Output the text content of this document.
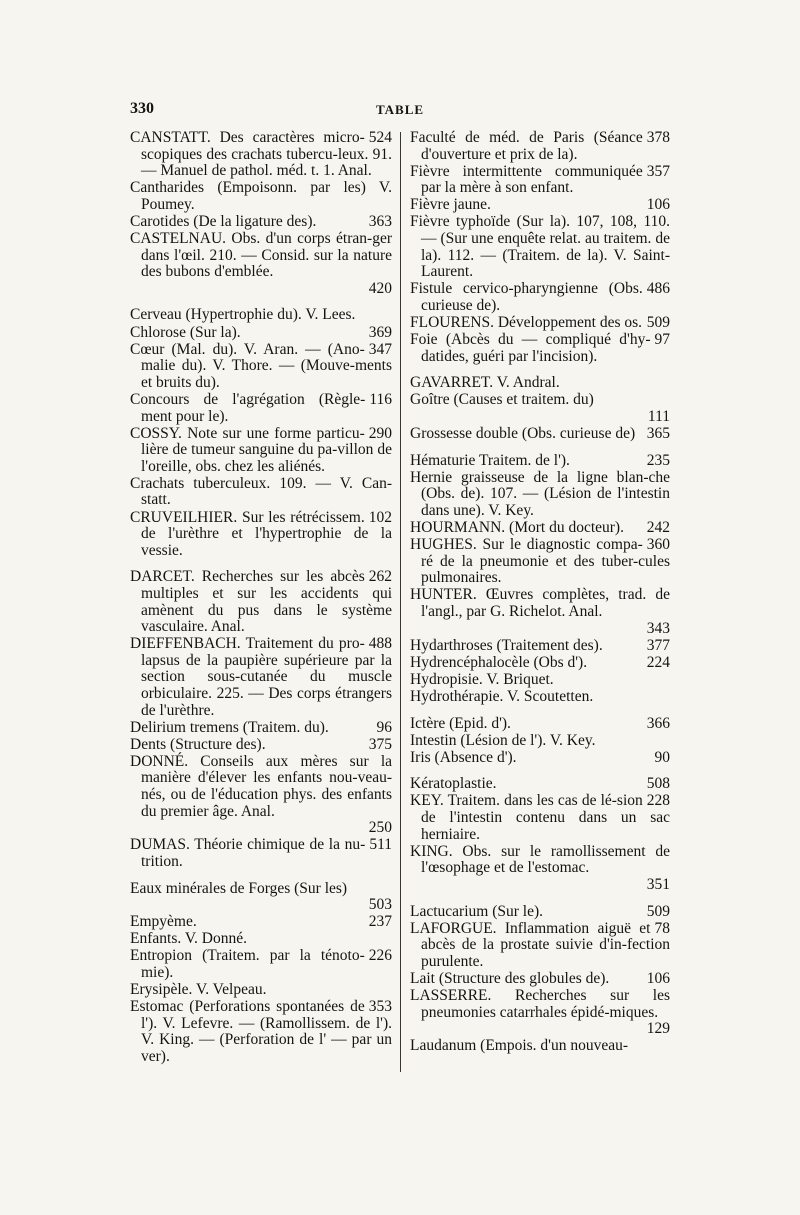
330	TABLE
524
CANSTATT. Des caractères micro-scopiques des crachats tubercu-leux. 91. — Manuel de pathol. méd. t. 1. Anal.
Cantharides (Empoisonn. par les) V. Poumey.
363
Carotides (De la ligature des).
CASTELNAU. Obs. d'un corps étran-ger dans l'œil. 210. — Consid. sur la nature des bubons d'emblée.
420
Cerveau (Hypertrophie du). V. Lees.
369
Chlorose (Sur la).
347
Cœur (Mal. du). V. Aran. — (Ano-malie du). V. Thore. — (Mouve-ments et bruits du).
116
Concours de l'agrégation (Règle-ment pour le).
290
COSSY. Note sur une forme particu-lière de tumeur sanguine du pa-villon de l'oreille, obs. chez les aliénés.
Crachats tuberculeux. 109. — V. Can-statt.
102
CRUVEILHIER. Sur les rétrécissem. de l'urèthre et l'hypertrophie de la vessie.
262
DARCET. Recherches sur les abcès multiples et sur les accidents qui amènent du pus dans le système vasculaire. Anal.
488
DIEFFENBACH. Traitement du pro-lapsus de la paupière supérieure par la section sous-cutanée du muscle orbiculaire. 225. — Des corps étrangers de l'urèthre.
96
Delirium tremens (Traitem. du).
375
Dents (Structure des).
DONNÉ. Conseils aux mères sur la manière d'élever les enfants nou-veau-nés, ou de l'éducation phys. des enfants du premier âge. Anal.
250
511
DUMAS. Théorie chimique de la nu-trition.
Eaux minérales de Forges (Sur les)
503
237
Empyème.
Enfants. V. Donné.
226
Entropion (Traitem. par la ténoto-mie).
Erysipèle. V. Velpeau.
353
Estomac (Perforations spontanées de l'). V. Lefevre. — (Ramollissem. de l'). V. King. — (Perforation de l' — par un ver).
378
Faculté de méd. de Paris (Séance d'ouverture et prix de la).
357
Fièvre intermittente communiquée par la mère à son enfant.
106
Fièvre jaune.
Fièvre typhoïde (Sur la). 107, 108, 110. — (Sur une enquête relat. au traitem. de la). 112. — (Traitem. de la). V. Saint-Laurent.
486
Fistule cervico-pharyngienne (Obs. curieuse de).
509
FLOURENS. Développement des os.
97
Foie (Abcès du — compliqué d'hy-datides, guéri par l'incision).
GAVARRET. V. Andral.
Goître (Causes et traitem. du)
111
365
Grossesse double (Obs. curieuse de)
235
Hématurie Traitem. de l').
Hernie graisseuse de la ligne blan-che (Obs. de). 107. — (Lésion de l'intestin dans une). V. Key.
242
HOURMANN. (Mort du docteur).
360
HUGHES. Sur le diagnostic compa-ré de la pneumonie et des tuber-cules pulmonaires.
HUNTER. Œuvres complètes, trad. de l'angl., par G. Richelot. Anal.
343
377
Hydarthroses (Traitement des).
224
Hydrencéphalocèle (Obs d').
Hydropisie. V. Briquet.
Hydrothérapie. V. Scoutetten.
366
Ictère (Epid. d').
Intestin (Lésion de l'). V. Key.
90
Iris (Absence d').
508
Kératoplastie.
228
KEY. Traitem. dans les cas de lé-sion de l'intestin contenu dans un sac herniaire.
KING. Obs. sur le ramollissement de l'œsophage et de l'estomac.
351
509
Lactucarium (Sur le).
78
LAFORGUE. Inflammation aiguë et abcès de la prostate suivie d'in-fection purulente.
106
Lait (Structure des globules de).
LASSERRE. Recherches sur les pneumonies catarrhales épidé-miques.
129
Laudanum (Empois. d'un nouveau-
